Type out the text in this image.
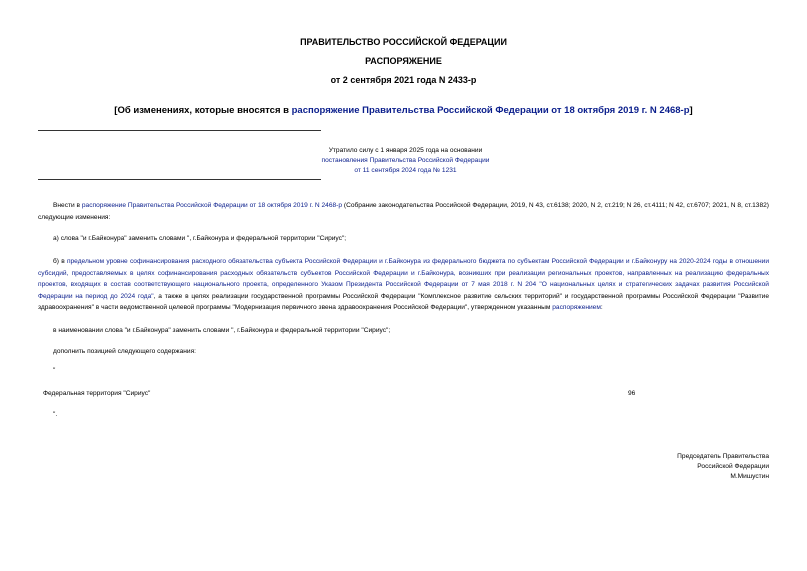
ПРАВИТЕЛЬСТВО РОССИЙСКОЙ ФЕДЕРАЦИИ
РАСПОРЯЖЕНИЕ
от 2 сентября 2021 года N 2433-р
[Об изменениях, которые вносятся в распоряжение Правительства Российской Федерации от 18 октября 2019 г. N 2468-р]
Утратило силу с 1 января 2025 года на основании
постановления Правительства Российской Федерации
от 11 сентября 2024 года № 1231
Внести в распоряжение Правительства Российской Федерации от 18 октября 2019 г. N 2468-р (Собрание законодательства Российской Федерации, 2019, N 43, ст.6138; 2020, N 2, ст.219; N 26, ст.4111; N 42, ст.6707; 2021, N 8, ст.1382) следующие изменения:
а) слова "и г.Байконура" заменить словами ", г.Байконура и федеральной территории "Сириус";
б) в предельном уровне софинансирования расходного обязательства субъекта Российской Федерации и г.Байконура из федерального бюджета по субъектам Российской Федерации и г.Байконуру на 2020-2024 годы в отношении субсидий, предоставляемых в целях софинансирования расходных обязательств субъектов Российской Федерации и г.Байконура, возникших при реализации региональных проектов, направленных на реализацию федеральных проектов, входящих в состав соответствующего национального проекта, определенного Указом Президента Российской Федерации от 7 мая 2018 г. N 204 "О национальных целях и стратегических задачах развития Российской Федерации на период до 2024 года", а также в целях реализации государственной программы Российской Федерации "Комплексное развитие сельских территорий" и государственной программы Российской Федерации "Развитие здравоохранения" в части ведомственной целевой программы "Модернизация первичного звена здравоохранения Российской Федерации", утвержденном указанным распоряжением:
в наименовании слова "и г.Байконура" заменить словами ", г.Байконура и федеральной территории "Сириус";
дополнить позицией следующего содержания:
"
Федеральная территория "Сириус"	96
".
Председатель Правительства
Российской Федерации
М.Мишустин
